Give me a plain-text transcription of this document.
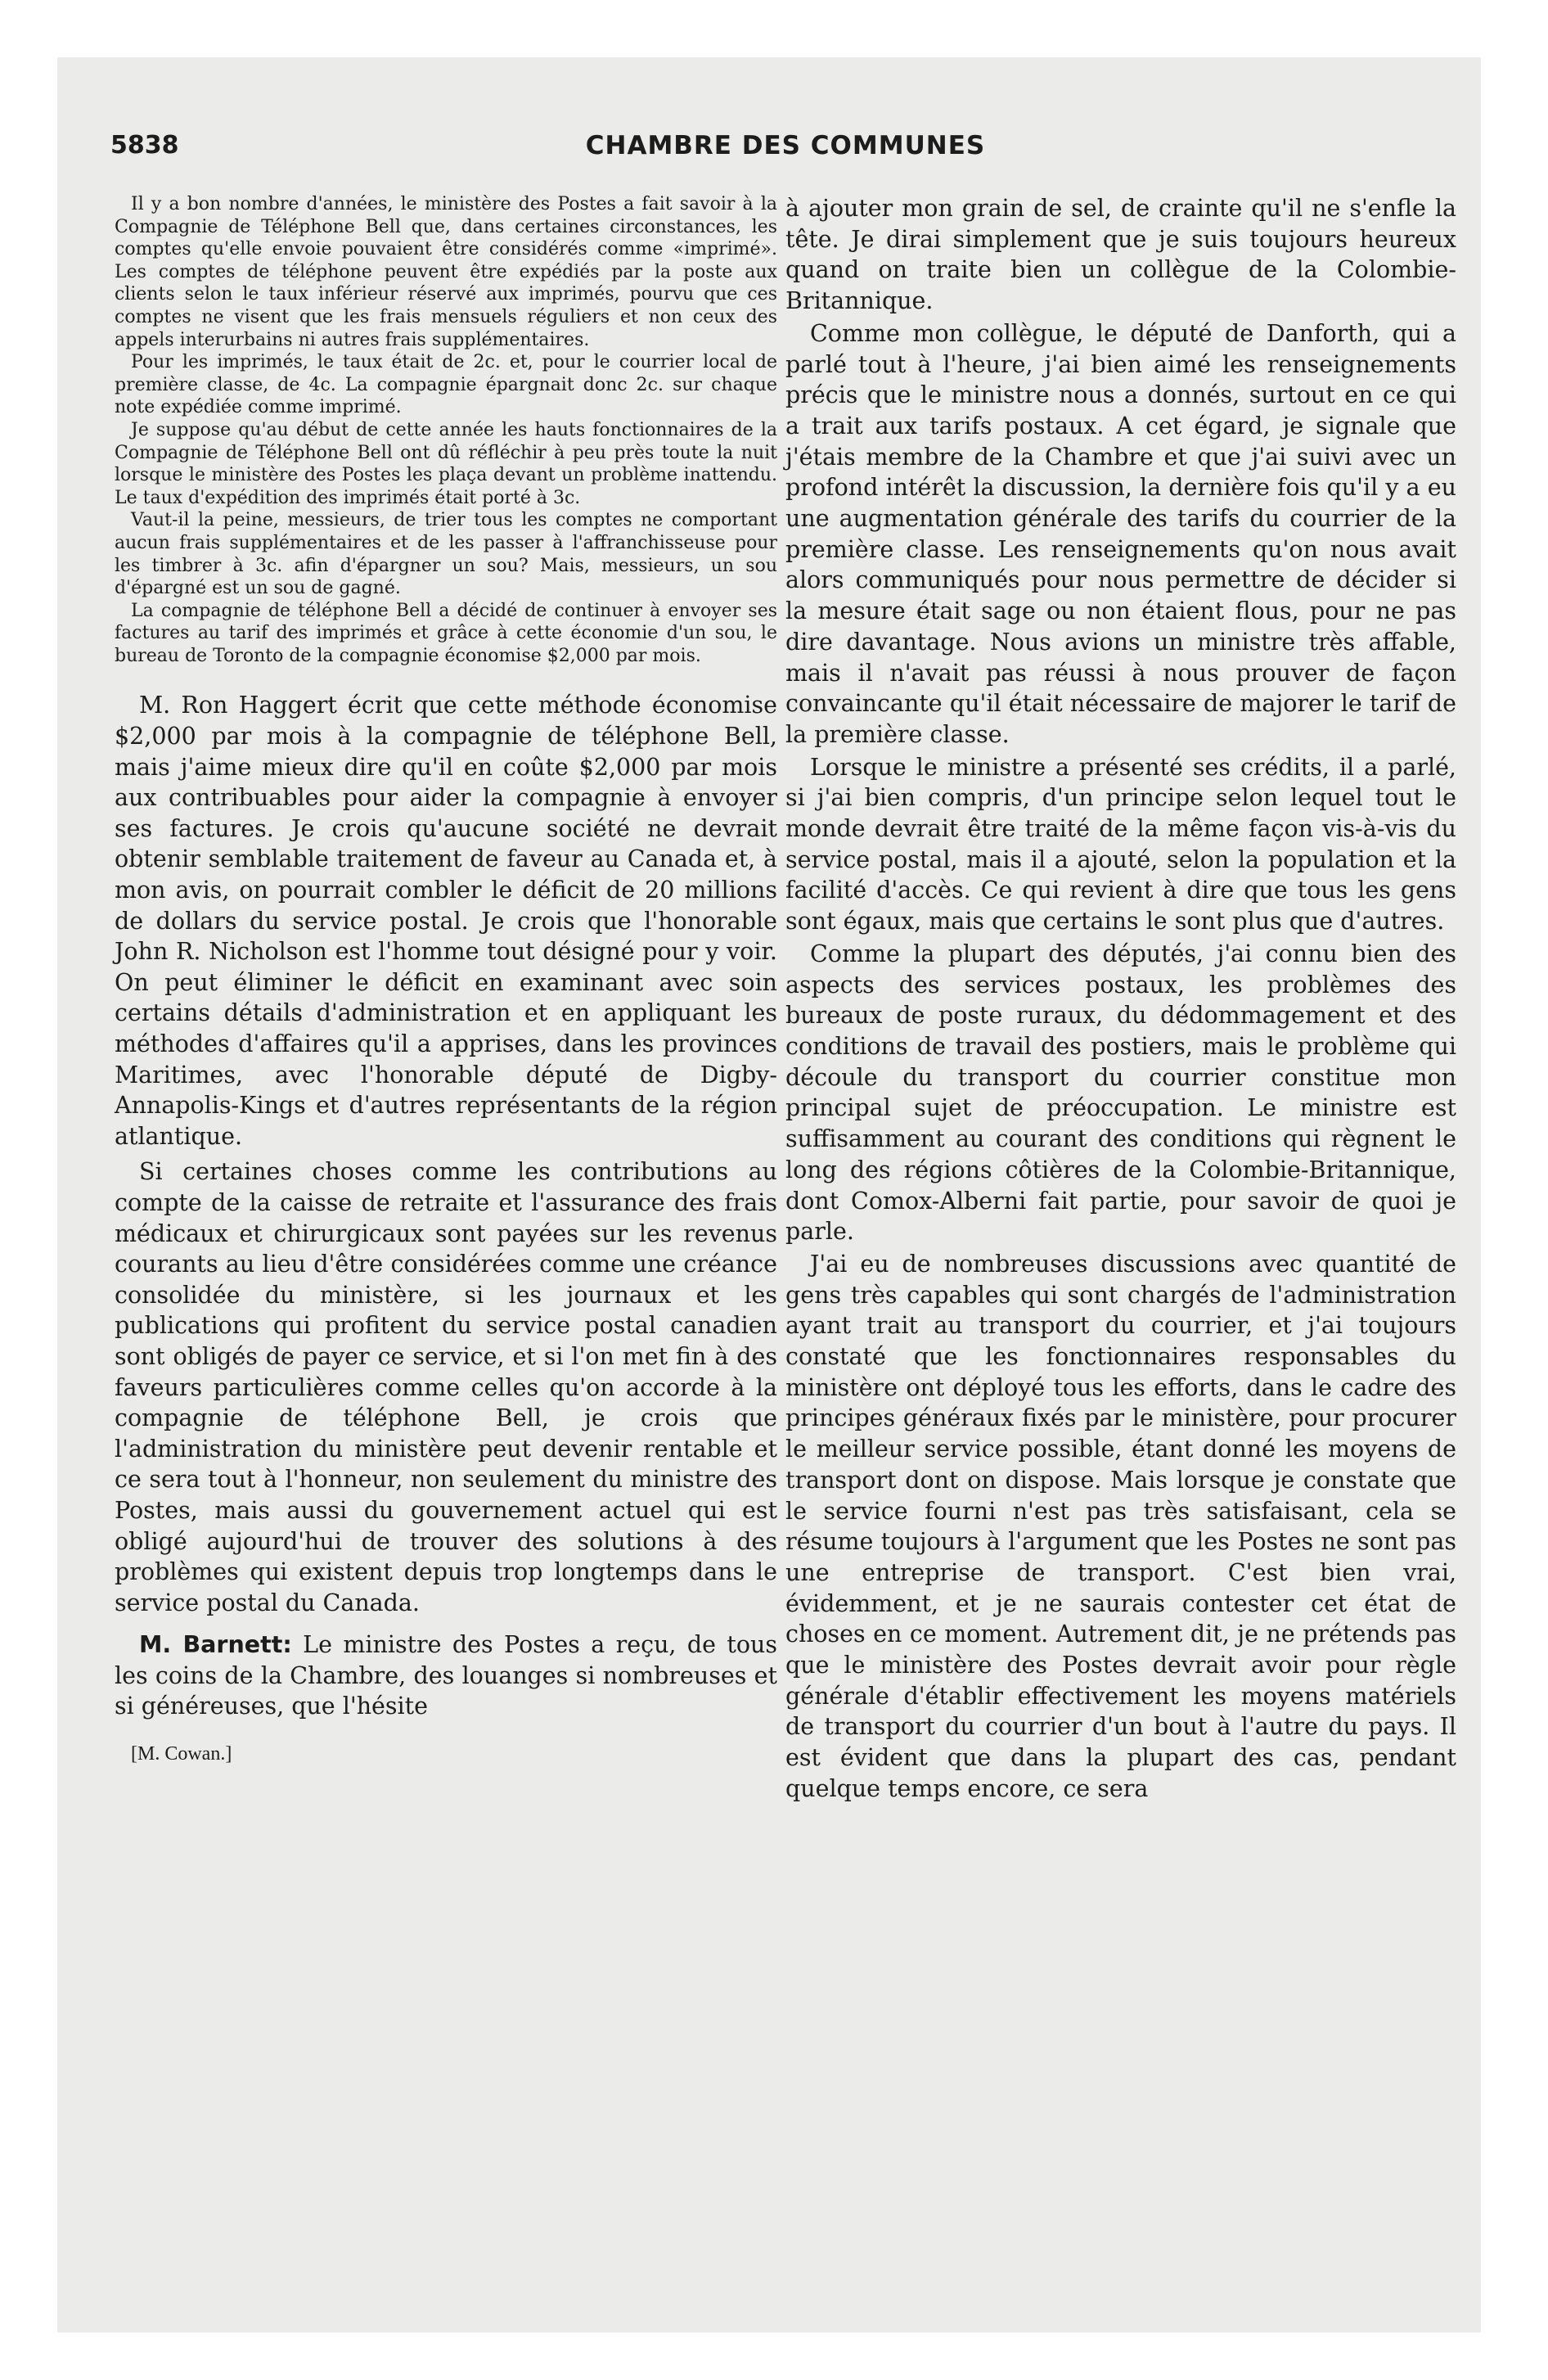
5838	CHAMBRE DES COMMUNES

Il y a bon nombre d'années, le ministère des Postes a fait savoir à la Compagnie de Téléphone Bell que, dans certaines circonstances, les comptes qu'elle envoie pouvaient être considérés comme «imprimé». Les comptes de téléphone peuvent être expédiés par la poste aux clients selon le taux inférieur réservé aux imprimés, pourvu que ces comptes ne visent que les frais mensuels réguliers et non ceux des appels interurbains ni autres frais supplémentaires.

Pour les imprimés, le taux était de 2c. et, pour le courrier local de première classe, de 4c. La compagnie épargnait donc 2c. sur chaque note expédiée comme imprimé.

Je suppose qu'au début de cette année les hauts fonctionnaires de la Compagnie de Téléphone Bell ont dû réfléchir à peu près toute la nuit lorsque le ministère des Postes les plaça devant un problème inattendu. Le taux d'expédition des imprimés était porté à 3c.

Vaut-il la peine, messieurs, de trier tous les comptes ne comportant aucun frais supplémentaires et de les passer à l'affranchisseuse pour les timbrer à 3c. afin d'épargner un sou? Mais, messieurs, un sou d'épargné est un sou de gagné.

La compagnie de téléphone Bell a décidé de continuer à envoyer ses factures au tarif des imprimés et grâce à cette économie d'un sou, le bureau de Toronto de la compagnie économise $2,000 par mois.

M. Ron Haggert écrit que cette méthode économise $2,000 par mois à la compagnie de téléphone Bell, mais j'aime mieux dire qu'il en coûte $2,000 par mois aux contribuables pour aider la compagnie à envoyer ses factures. Je crois qu'aucune société ne devrait obtenir semblable traitement de faveur au Canada et, à mon avis, on pourrait combler le déficit de 20 millions de dollars du service postal. Je crois que l'honorable John R. Nicholson est l'homme tout désigné pour y voir. On peut éliminer le déficit en examinant avec soin certains détails d'administration et en appliquant les méthodes d'affaires qu'il a apprises, dans les provinces Maritimes, avec l'honorable député de Digby-Annapolis-Kings et d'autres représentants de la région atlantique.

Si certaines choses comme les contributions au compte de la caisse de retraite et l'assurance des frais médicaux et chirurgicaux sont payées sur les revenus courants au lieu d'être considérées comme une créance consolidée du ministère, si les journaux et les publications qui profitent du service postal canadien sont obligés de payer ce service, et si l'on met fin à des faveurs particulières comme celles qu'on accorde à la compagnie de téléphone Bell, je crois que l'administration du ministère peut devenir rentable et ce sera tout à l'honneur, non seulement du ministre des Postes, mais aussi du gouvernement actuel qui est obligé aujourd'hui de trouver des solutions à des problèmes qui existent depuis trop longtemps dans le service postal du Canada.

M. Barnett: Le ministre des Postes a reçu, de tous les coins de la Chambre, des louanges si nombreuses et si généreuses, que l'hésite

[M. Cowan.]

à ajouter mon grain de sel, de crainte qu'il ne s'enfle la tête. Je dirai simplement que je suis toujours heureux quand on traite bien un collègue de la Colombie-Britannique.

Comme mon collègue, le député de Danforth, qui a parlé tout à l'heure, j'ai bien aimé les renseignements précis que le ministre nous a donnés, surtout en ce qui a trait aux tarifs postaux. A cet égard, je signale que j'étais membre de la Chambre et que j'ai suivi avec un profond intérêt la discussion, la dernière fois qu'il y a eu une augmentation générale des tarifs du courrier de la première classe. Les renseignements qu'on nous avait alors communiqués pour nous permettre de décider si la mesure était sage ou non étaient flous, pour ne pas dire davantage. Nous avions un ministre très affable, mais il n'avait pas réussi à nous prouver de façon convaincante qu'il était nécessaire de majorer le tarif de la première classe.

Lorsque le ministre a présenté ses crédits, il a parlé, si j'ai bien compris, d'un principe selon lequel tout le monde devrait être traité de la même façon vis-à-vis du service postal, mais il a ajouté, selon la population et la facilité d'accès. Ce qui revient à dire que tous les gens sont égaux, mais que certains le sont plus que d'autres.

Comme la plupart des députés, j'ai connu bien des aspects des services postaux, les problèmes des bureaux de poste ruraux, du dédommagement et des conditions de travail des postiers, mais le problème qui découle du transport du courrier constitue mon principal sujet de préoccupation. Le ministre est suffisamment au courant des conditions qui règnent le long des régions côtières de la Colombie-Britannique, dont Comox-Alberni fait partie, pour savoir de quoi je parle.

J'ai eu de nombreuses discussions avec quantité de gens très capables qui sont chargés de l'administration ayant trait au transport du courrier, et j'ai toujours constaté que les fonctionnaires responsables du ministère ont déployé tous les efforts, dans le cadre des principes généraux fixés par le ministère, pour procurer le meilleur service possible, étant donné les moyens de transport dont on dispose. Mais lorsque je constate que le service fourni n'est pas très satisfaisant, cela se résume toujours à l'argument que les Postes ne sont pas une entreprise de transport. C'est bien vrai, évidemment, et je ne saurais contester cet état de choses en ce moment. Autrement dit, je ne prétends pas que le ministère des Postes devrait avoir pour règle générale d'établir effectivement les moyens matériels de transport du courrier d'un bout à l'autre du pays. Il est évident que dans la plupart des cas, pendant quelque temps encore, ce sera
